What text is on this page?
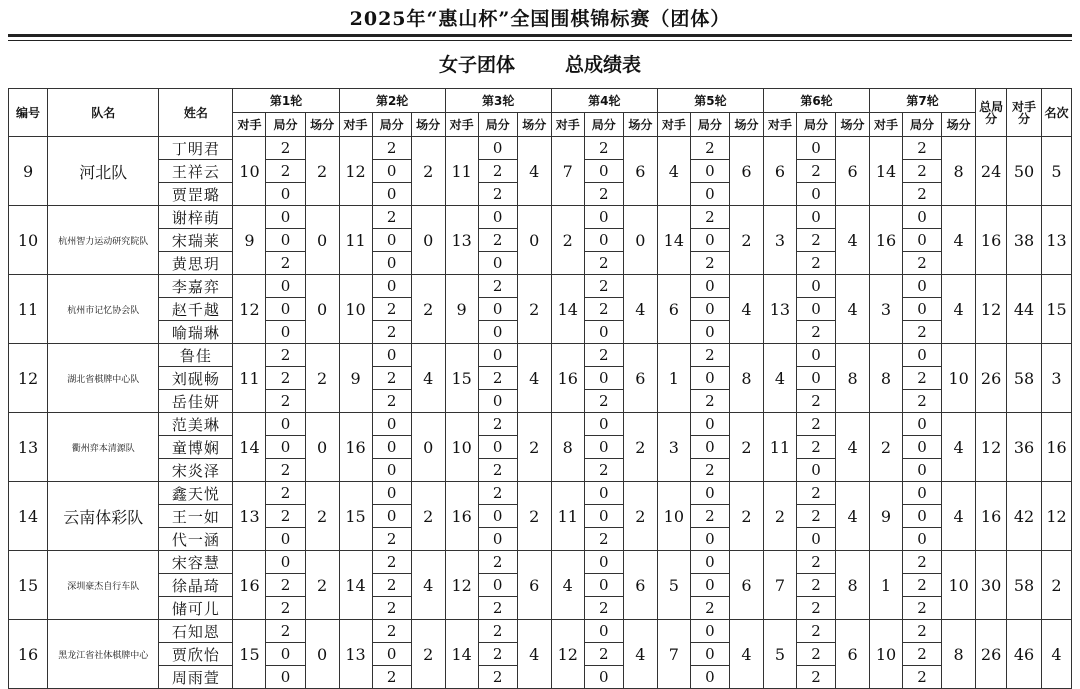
2025年“惠山杯”全国围棋锦标赛（团体）
女子团体	总成绩表
编号	队名	姓名	第1轮			第2轮			第3轮			第4轮			第5轮			第6轮			第7轮			总局分	对手分	名次
			对手	局分	场分	对手	局分	场分	对手	局分	场分	对手	局分	场分	对手	局分	场分	对手	局分	场分	对手	局分	场分			
9	河北队	丁明君	10	2	2	12	2	2	11	0	4	7	2	6	4	2	6	6	0	6	14	2	8	24	50	5
		王祥云		2			0			2			0			0			2			2				
		贾罡璐		0			0			2			2			0			0			2				
10	杭州智力运动研究院队	谢梓萌	9	0	0	11	2	0	13	0	0	2	0	0	14	2	2	3	0	4	16	0	4	16	38	13
		宋瑞莱		0			0			2			0			0			2			0				
		黄思玥		2			0			0			2			2			2			2				
11	杭州市记忆协会队	李嘉弈	12	0	0	10	0	2	9	2	2	14	2	4	6	0	4	13	0	4	3	0	4	12	44	15
		赵千越		0			2			0			2			0			0			0				
		喻瑞琳		0			2			0			0			0			2			2				
12	湖北省棋牌中心队	鲁佳	11	2	2	9	0	4	15	0	4	16	2	6	1	2	8	4	0	8	8	0	10	26	58	3
		刘砚畅		2			2			2			0			0			0			2				
		岳佳妍		2			2			0			2			2			2			2				
13	衢州弈本清源队	范美琳	14	0	0	16	0	0	10	2	2	8	0	2	3	0	2	11	2	4	2	0	4	12	36	16
		童博娴		0			0			0			0			0			2			0				
		宋炎泽		2			0			2			2			2			0			0				
14	云南体彩队	鑫天悦	13	2	2	15	0	2	16	2	2	11	0	2	10	0	2	2	2	4	9	0	4	16	42	12
		王一如		2			0			0			0			2			2			0				
		代一涵		0			2			0			2			0			0			0				
15	深圳豪杰自行车队	宋容慧	16	0	2	14	2	4	12	2	6	4	0	6	5	0	6	7	2	8	1	2	10	30	58	2
		徐晶琦		2			2			0			0			0			2			2				
		储可儿		2			2			2			2			2			2			2				
16	黑龙江省社体棋牌中心	石知恩	15	2	0	13	2	2	14	2	4	12	0	4	7	0	4	5	2	6	10	2	8	26	46	4
		贾欣怡		0			0			2			2			0			2			2				
		周雨萱		0			2			2			0			0			2			2				
